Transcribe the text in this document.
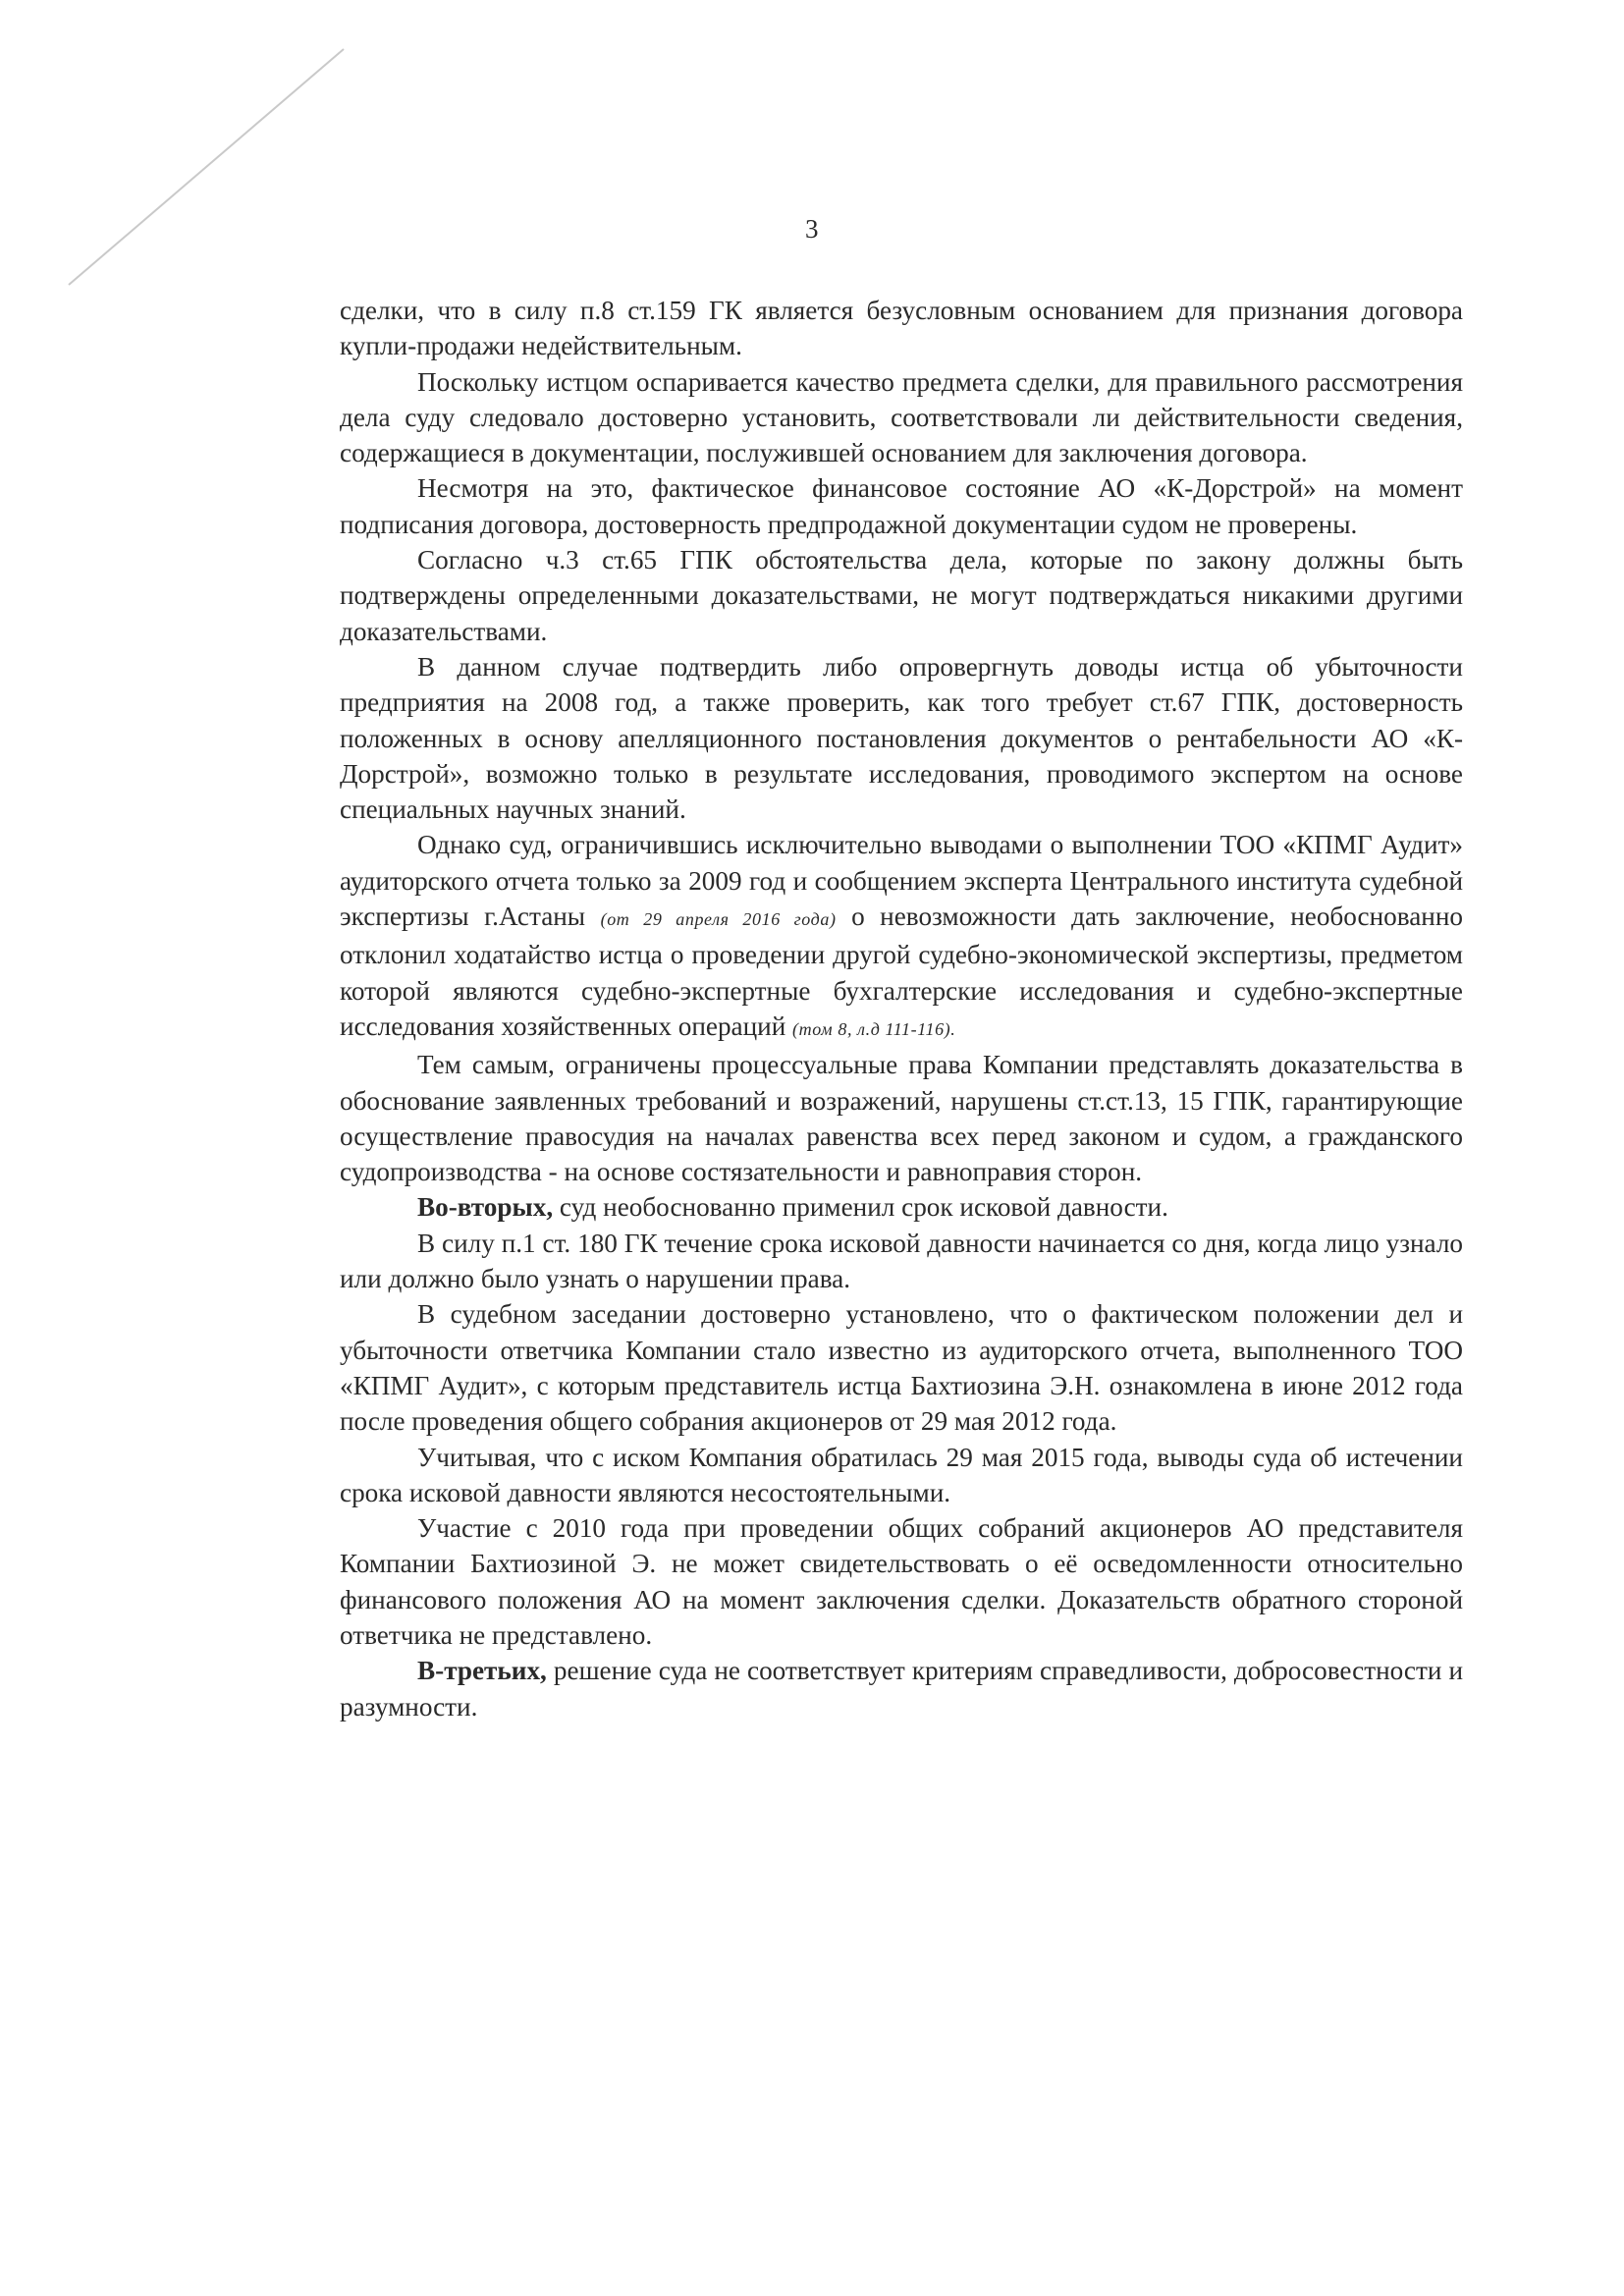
3

сделки, что в силу п.8 ст.159 ГК является безусловным основанием для признания договора купли-продажи недействительным.

Поскольку истцом оспаривается качество предмета сделки, для правильного рассмотрения дела суду следовало достоверно установить, соответствовали ли действительности сведения, содержащиеся в документации, послужившей основанием для заключения договора.

Несмотря на это, фактическое финансовое состояние АО «К-Дорстрой» на момент подписания договора, достоверность предпродажной документации судом не проверены.

Согласно ч.3 ст.65 ГПК обстоятельства дела, которые по закону должны быть подтверждены определенными доказательствами, не могут подтверждаться никакими другими доказательствами.

В данном случае подтвердить либо опровергнуть доводы истца об убыточности предприятия на 2008 год, а также проверить, как того требует ст.67 ГПК, достоверность положенных в основу апелляционного постановления документов о рентабельности АО «К-Дорстрой», возможно только в результате исследования, проводимого экспертом на основе специальных научных знаний.

Однако суд, ограничившись исключительно выводами о выполнении ТОО «КПМГ Аудит» аудиторского отчета только за 2009 год и сообщением эксперта Центрального института судебной экспертизы г.Астаны (от 29 апреля 2016 года) о невозможности дать заключение, необоснованно отклонил ходатайство истца о проведении другой судебно-экономической экспертизы, предметом которой являются судебно-экспертные бухгалтерские исследования и судебно-экспертные исследования хозяйственных операций (том 8, л.д 111-116).

Тем самым, ограничены процессуальные права Компании представлять доказательства в обоснование заявленных требований и возражений, нарушены ст.ст.13, 15 ГПК, гарантирующие осуществление правосудия на началах равенства всех перед законом и судом, а гражданского судопроизводства - на основе состязательности и равноправия сторон.

Во-вторых, суд необоснованно применил срок исковой давности.

В силу п.1 ст. 180 ГК течение срока исковой давности начинается со дня, когда лицо узнало или должно было узнать о нарушении права.

В судебном заседании достоверно установлено, что о фактическом положении дел и убыточности ответчика Компании стало известно из аудиторского отчета, выполненного ТОО «КПМГ Аудит», с которым представитель истца Бахтиозина Э.Н. ознакомлена в июне 2012 года после проведения общего собрания акционеров от 29 мая 2012 года.

Учитывая, что с иском Компания обратилась 29 мая 2015 года, выводы суда об истечении срока исковой давности являются несостоятельными.

Участие с 2010 года при проведении общих собраний акционеров АО представителя Компании Бахтиозиной Э. не может свидетельствовать о её осведомленности относительно финансового положения АО на момент заключения сделки. Доказательств обратного стороной ответчика не представлено.

В-третьих, решение суда не соответствует критериям справедливости, добросовестности и разумности.
